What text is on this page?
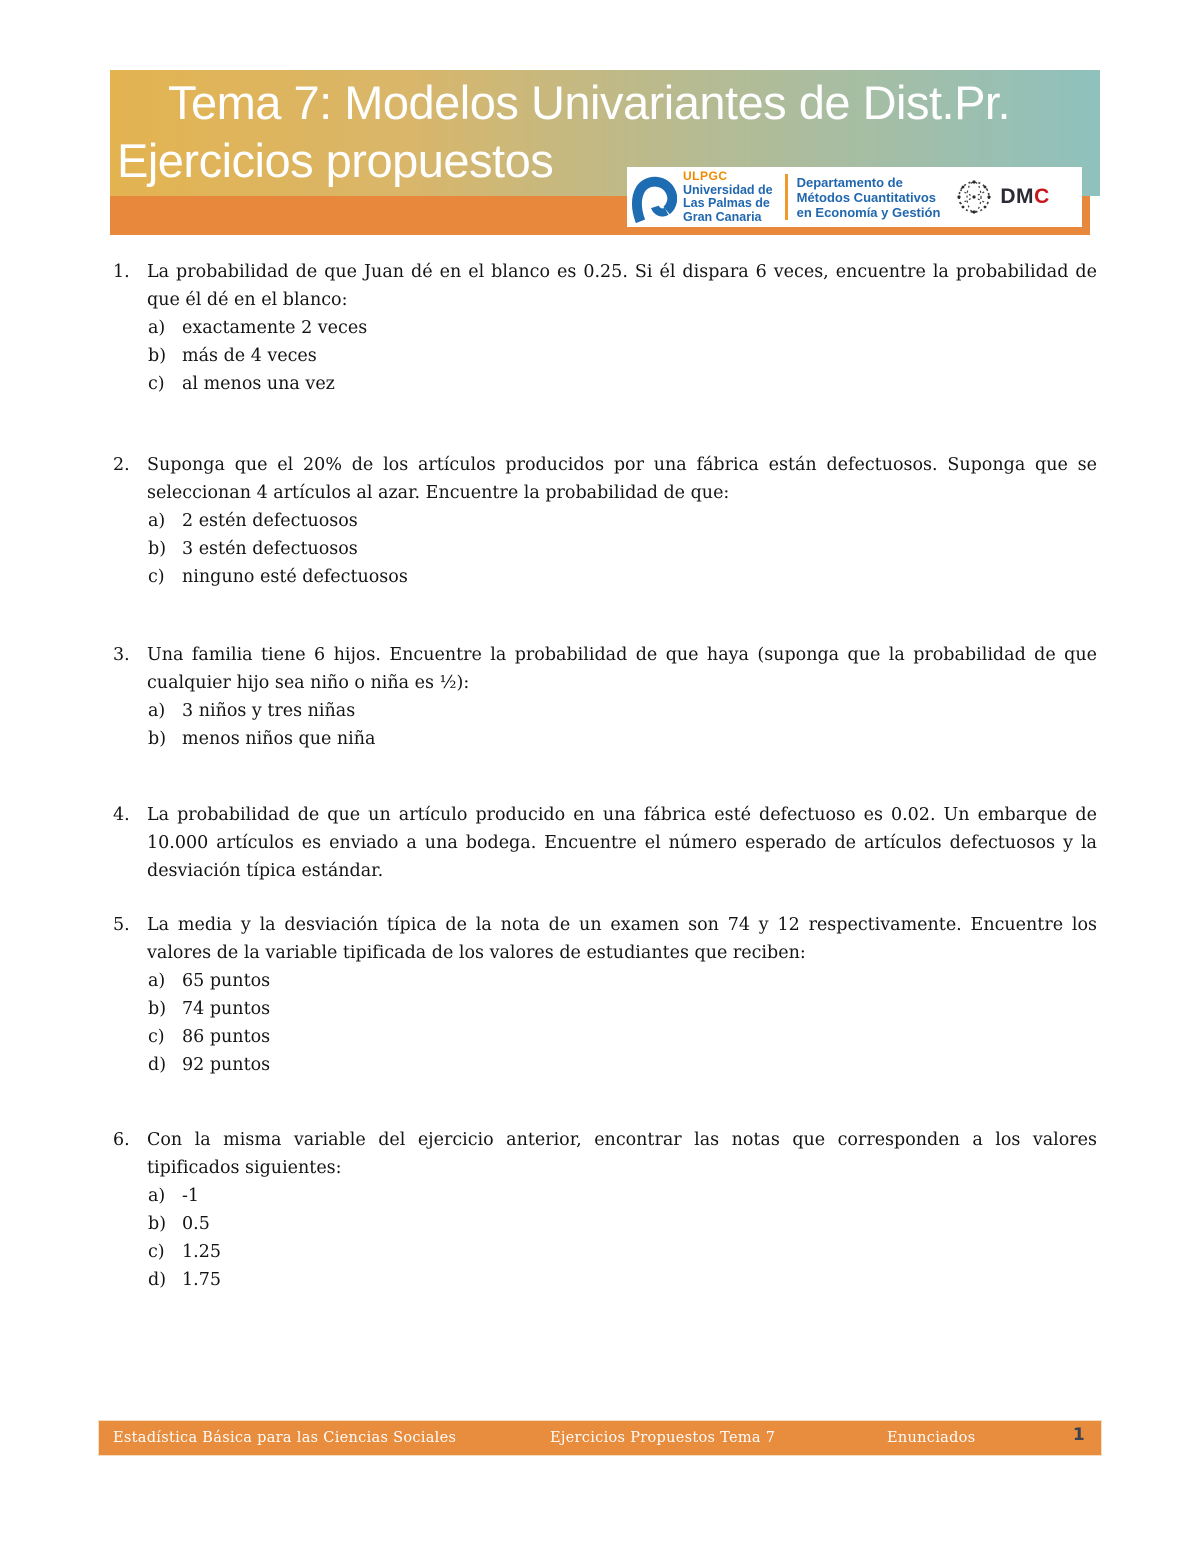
Tema 7: Modelos Univariantes de Dist.Pr.
Ejercicios propuestos	ULPGC
Universidad de
Las Palmas de
Gran Canaria
Departamento de
Métodos Cuantitativos
en Economía y Gestión
DMC
1. La probabilidad de que Juan dé en el blanco es 0.25. Si él dispara 6 veces, encuentre la probabilidad de que él dé en el blanco:

a) exactamente 2 veces
b) más de 4 veces
c) al menos una vez
2. Suponga que el 20% de los artículos producidos por una fábrica están defectuosos. Suponga que se seleccionan 4 artículos al azar. Encuentre la probabilidad de que:

a) 2 estén defectuosos
b) 3 estén defectuosos
c) ninguno esté defectuosos
3. Una familia tiene 6 hijos. Encuentre la probabilidad de que haya (suponga que la probabilidad de que cualquier hijo sea niño o niña es ½):

a) 3 niños y tres niñas
b) menos niños que niña
4. La probabilidad de que un artículo producido en una fábrica esté defectuoso es 0.02. Un embarque de 10.000 artículos es enviado a una bodega. Encuentre el número esperado de artículos defectuosos y la desviación típica estándar.

5. La media y la desviación típica de la nota de un examen son 74 y 12 respectivamente. Encuentre los valores de la variable tipificada de los valores de estudiantes que reciben:

a) 65 puntos
b) 74 puntos
c) 86 puntos
d) 92 puntos
6. Con la misma variable del ejercicio anterior, encontrar las notas que corresponden a los valores tipificados siguientes:

a) -1
b) 0.5
c) 1.25
d) 1.75
Estadística Básica para las Ciencias Sociales	Ejercicios Propuestos Tema 7	Enunciados	1
